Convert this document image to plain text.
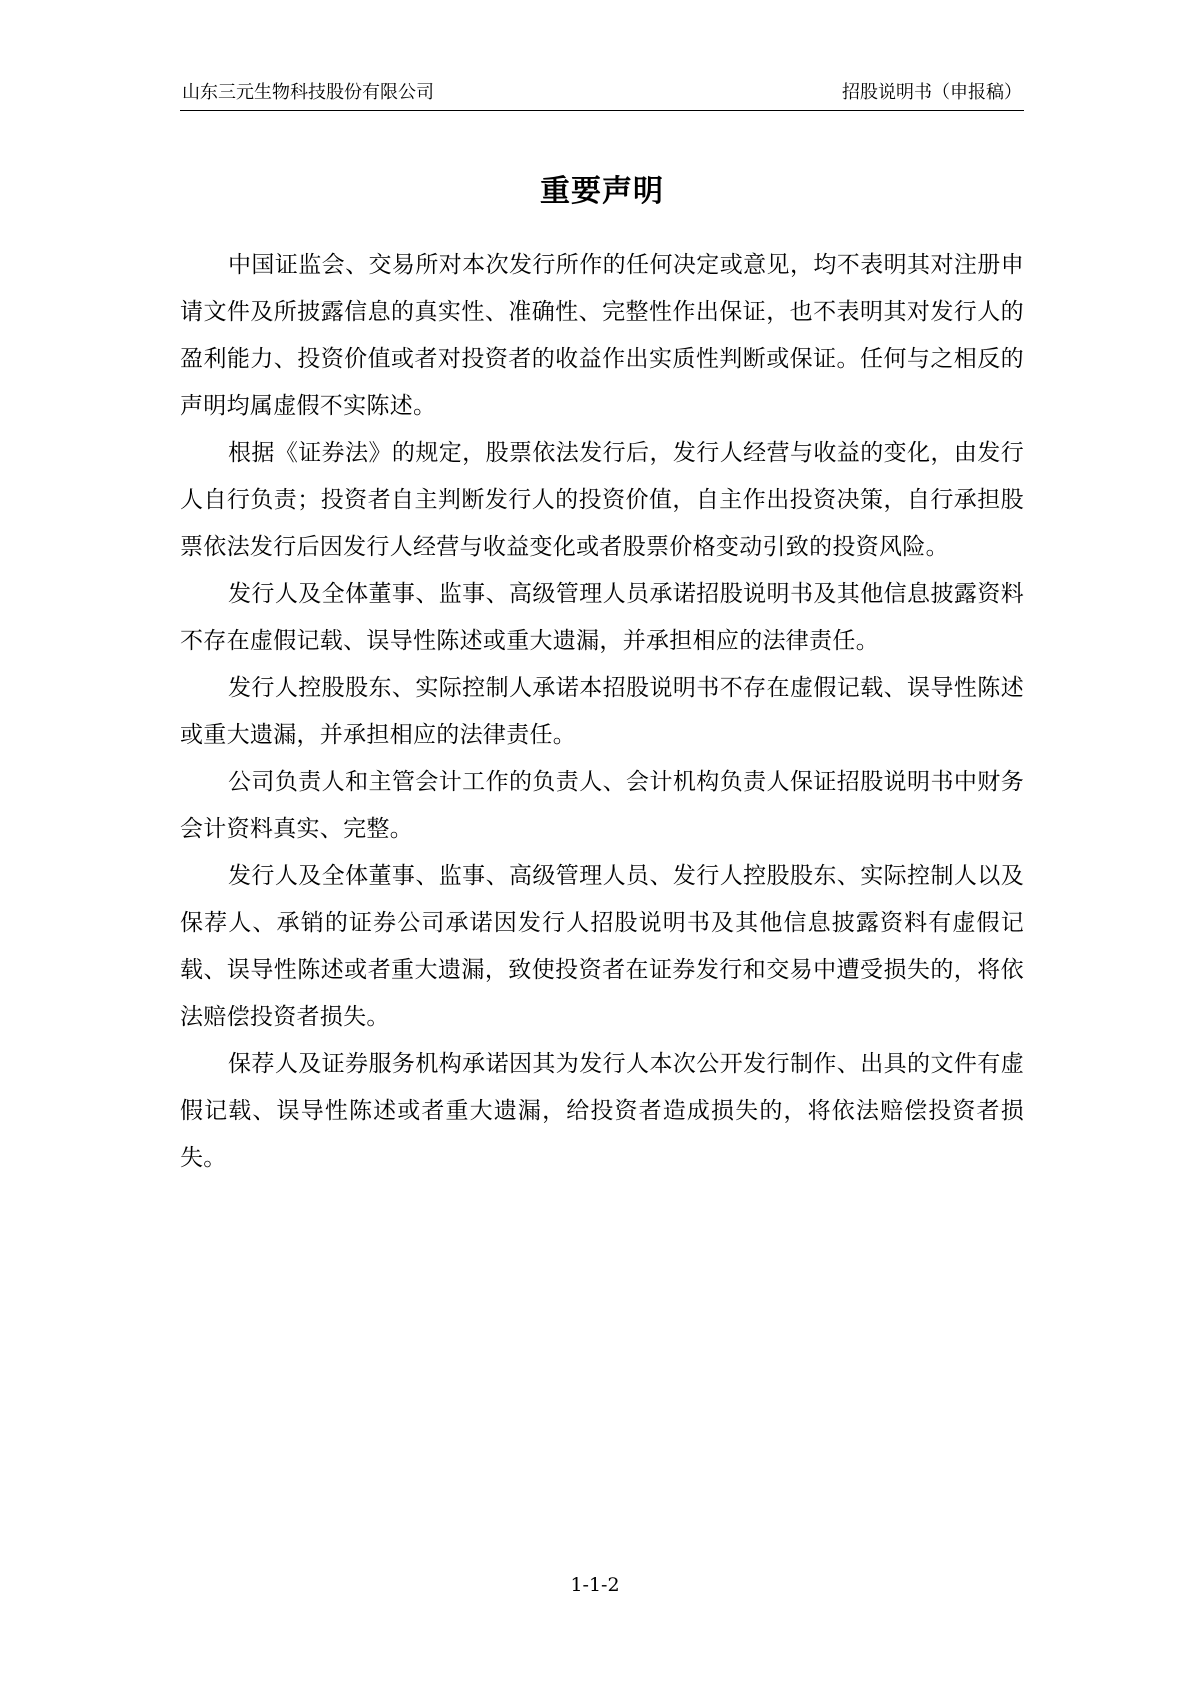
山东三元生物科技股份有限公司	招股说明书（申报稿）
重要声明

中国证监会、交易所对本次发行所作的任何决定或意见，均不表明其对注册申请文件及所披露信息的真实性、准确性、完整性作出保证，也不表明其对发行人的盈利能力、投资价值或者对投资者的收益作出实质性判断或保证。任何与之相反的声明均属虚假不实陈述。

根据《证券法》的规定，股票依法发行后，发行人经营与收益的变化，由发行人自行负责；投资者自主判断发行人的投资价值，自主作出投资决策，自行承担股票依法发行后因发行人经营与收益变化或者股票价格变动引致的投资风险。

发行人及全体董事、监事、高级管理人员承诺招股说明书及其他信息披露资料不存在虚假记载、误导性陈述或重大遗漏，并承担相应的法律责任。

发行人控股股东、实际控制人承诺本招股说明书不存在虚假记载、误导性陈述或重大遗漏，并承担相应的法律责任。

公司负责人和主管会计工作的负责人、会计机构负责人保证招股说明书中财务会计资料真实、完整。

发行人及全体董事、监事、高级管理人员、发行人控股股东、实际控制人以及保荐人、承销的证券公司承诺因发行人招股说明书及其他信息披露资料有虚假记载、误导性陈述或者重大遗漏，致使投资者在证券发行和交易中遭受损失的，将依法赔偿投资者损失。

保荐人及证券服务机构承诺因其为发行人本次公开发行制作、出具的文件有虚假记载、误导性陈述或者重大遗漏，给投资者造成损失的，将依法赔偿投资者损失。

1-1-2
